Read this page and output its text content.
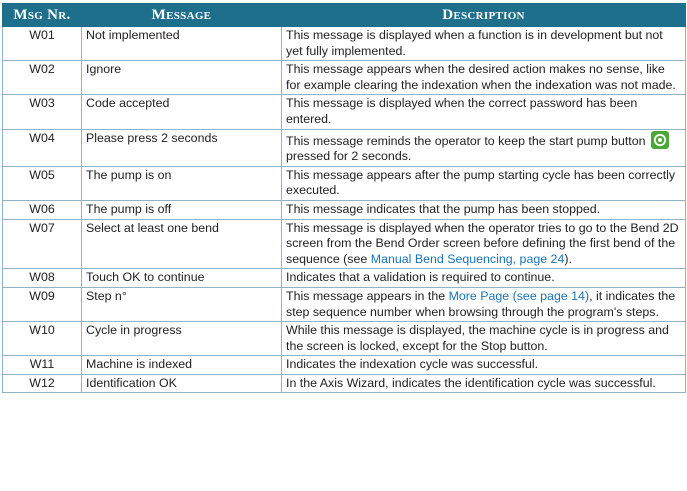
Msg Nr.	Message	Description
W01	Not implemented	This message is displayed when a function is in development but not yet fully implemented.
W02	Ignore	This message appears when the desired action makes no sense, like for example clearing the indexation when the indexation was not made.
W03	Code accepted	This message is displayed when the correct password has been entered.
W04	Please press 2 seconds	This message reminds the operator to keep the start pump button
pressed for 2 seconds.
W05	The pump is on	This message appears after the pump starting cycle has been correctly executed.
W06	The pump is off	This message indicates that the pump has been stopped.
W07	Select at least one bend	This message is displayed when the operator tries to go to the Bend 2D screen from the Bend Order screen before defining the first bend of the sequence (see Manual Bend Sequencing, page 24).
W08	Touch OK to continue	Indicates that a validation is required to continue.
W09	Step n°	This message appears in the More Page (see page 14), it indicates the step sequence number when browsing through the program's steps.
W10	Cycle in progress	While this message is displayed, the machine cycle is in progress and the screen is locked, except for the Stop button.
W11	Machine is indexed	Indicates the indexation cycle was successful.
W12	Identification OK	In the Axis Wizard, indicates the identification cycle was successful.
